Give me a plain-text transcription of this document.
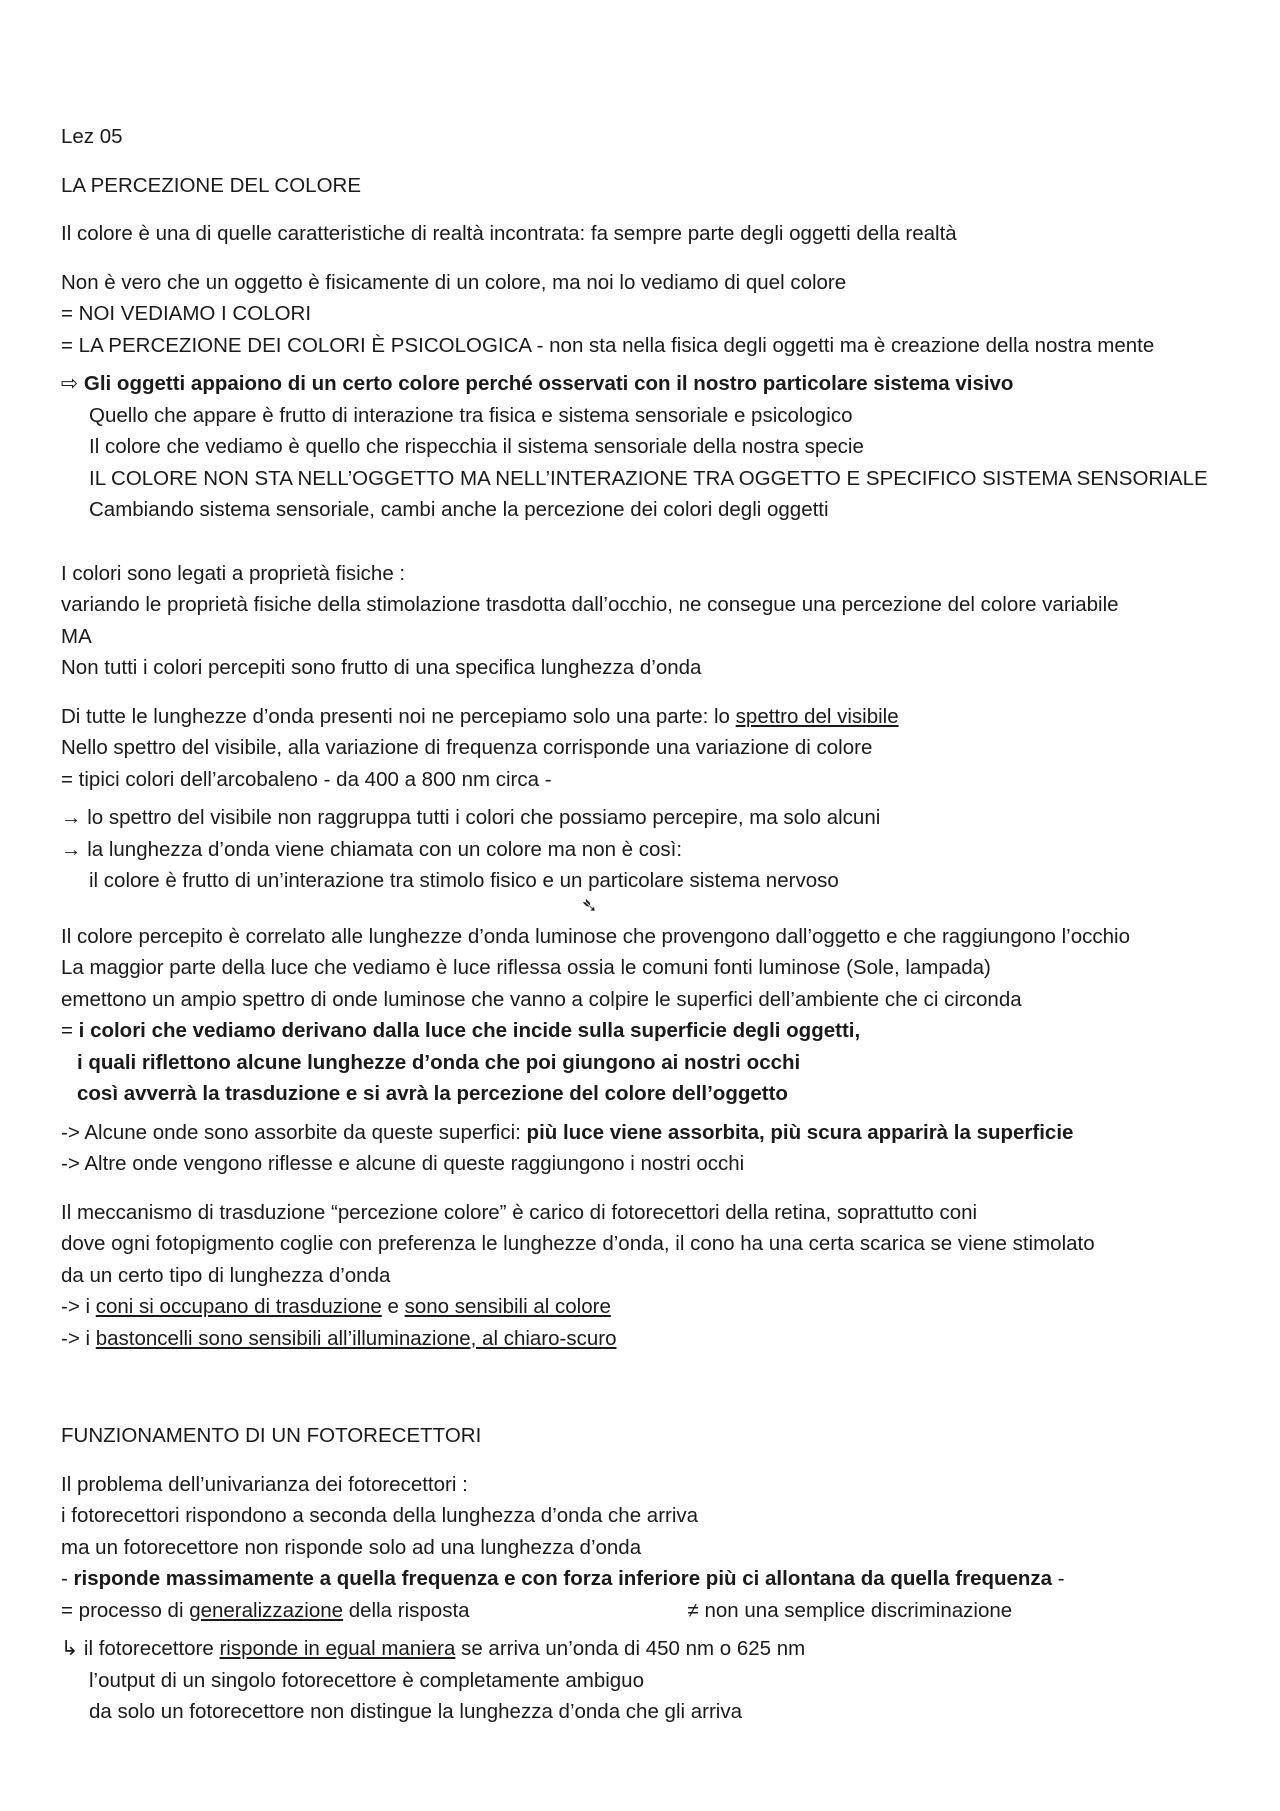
Lez 05
LA PERCEZIONE DEL COLORE
Il colore è una di quelle caratteristiche di realtà incontrata: fa sempre parte degli oggetti della realtà
Non è vero che un oggetto è fisicamente di un colore, ma noi lo vediamo di quel colore
= NOI VEDIAMO I COLORI
= LA PERCEZIONE DEI COLORI È PSICOLOGICA - non sta nella fisica degli oggetti ma è creazione della nostra mente
⇨ Gli oggetti appaiono di un certo colore perché osservati con il nostro particolare sistema visivo
Quello che appare è frutto di interazione tra fisica e sistema sensoriale e psicologico
Il colore che vediamo è quello che rispecchia il sistema sensoriale della nostra specie
IL COLORE NON STA NELL’OGGETTO MA NELL’INTERAZIONE TRA OGGETTO E SPECIFICO SISTEMA SENSORIALE
Cambiando sistema sensoriale, cambi anche la percezione dei colori degli oggetti
I colori sono legati a proprietà fisiche :
variando le proprietà fisiche della stimolazione trasdotta dall’occhio, ne consegue una percezione del colore variabile
MA
Non tutti i colori percepiti sono frutto di una specifica lunghezza d’onda
Di tutte le lunghezze d’onda presenti noi ne percepiamo solo una parte: lo spettro del visibile
Nello spettro del visibile, alla variazione di frequenza corrisponde una variazione di colore
= tipici colori dell’arcobaleno - da 400 a 800 nm circa -
→ lo spettro del visibile non raggruppa tutti i colori che possiamo percepire, ma solo alcuni
→ la lunghezza d’onda viene chiamata con un colore ma non è così:
il colore è frutto di un’interazione tra stimolo fisico e un particolare sistema nervoso
➴
Il colore percepito è correlato alle lunghezze d’onda luminose che provengono dall’oggetto e che raggiungono l’occhio
La maggior parte della luce che vediamo è luce riflessa ossia le comuni fonti luminose (Sole, lampada)
emettono un ampio spettro di onde luminose che vanno a colpire le superfici dell’ambiente che ci circonda
= i colori che vediamo derivano dalla luce che incide sulla superficie degli oggetti,
i quali riflettono alcune lunghezze d’onda che poi giungono ai nostri occhi
così avverrà la trasduzione e si avrà la percezione del colore dell’oggetto
-> Alcune onde sono assorbite da queste superfici: più luce viene assorbita, più scura apparirà la superficie
-> Altre onde vengono riflesse e alcune di queste raggiungono i nostri occhi
Il meccanismo di trasduzione “percezione colore” è carico di fotorecettori della retina, soprattutto coni
dove ogni fotopigmento coglie con preferenza le lunghezze d’onda, il cono ha una certa scarica se viene stimolato
da un certo tipo di lunghezza d’onda
-> i coni si occupano di trasduzione e sono sensibili al colore
-> i bastoncelli sono sensibili all’illuminazione, al chiaro-scuro
FUNZIONAMENTO DI UN FOTORECETTORI
Il problema dell’univarianza dei fotorecettori :
i fotorecettori rispondono a seconda della lunghezza d’onda che arriva
ma un fotorecettore non risponde solo ad una lunghezza d’onda
- risponde massimamente a quella frequenza e con forza inferiore più ci allontana da quella frequenza -
= processo di generalizzazione della risposta	≠ non una semplice discriminazione
↳ il fotorecettore risponde in egual maniera se arriva un’onda di 450 nm o 625 nm
l’output di un singolo fotorecettore è completamente ambiguo
da solo un fotorecettore non distingue la lunghezza d’onda che gli arriva
